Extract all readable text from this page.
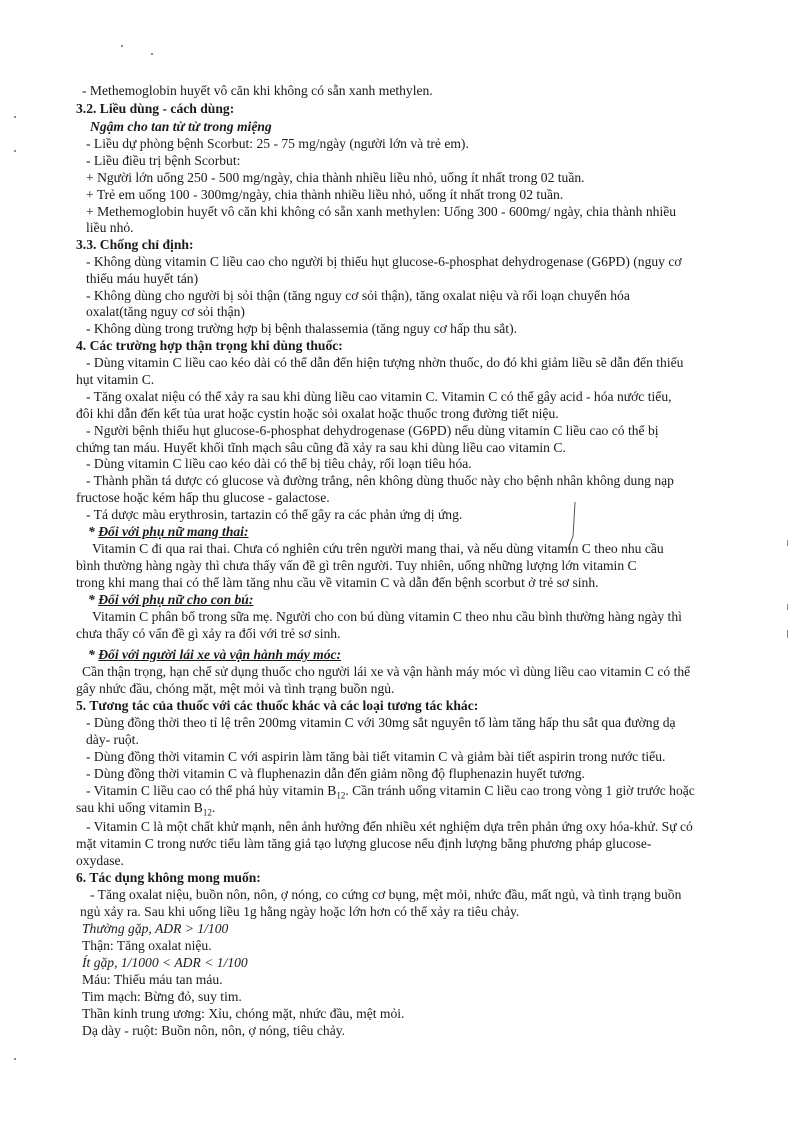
- Methemoglobin huyết vô căn khi không có sẵn xanh methylen.
3.2. Liều dùng - cách dùng:
Ngậm cho tan từ từ trong miệng
- Liều dự phòng bệnh Scorbut: 25 - 75 mg/ngày (người lớn và trẻ em).
- Liều điều trị bệnh Scorbut:
+ Người lớn uống 250 - 500 mg/ngày, chia thành nhiều liều nhỏ, uống ít nhất trong 02 tuần.
+ Trẻ em uống 100 - 300mg/ngày, chia thành nhiều liều nhỏ, uống ít nhất trong 02 tuần.
+ Methemoglobin huyết vô căn khi không có sẵn xanh methylen: Uống 300 - 600mg/ ngày, chia thành nhiều
liều nhỏ.
3.3. Chống chỉ định:
- Không dùng vitamin C liều cao cho người bị thiếu hụt glucose-6-phosphat dehydrogenase (G6PD) (nguy cơ
thiếu máu huyết tán)
- Không dùng cho người bị sỏi thận (tăng nguy cơ sỏi thận), tăng oxalat niệu và rối loạn chuyển hóa
oxalat(tăng nguy cơ sỏi thận)
- Không dùng trong trường hợp bị bệnh thalassemia (tăng nguy cơ hấp thu sắt).
4. Các trường hợp thận trọng khi dùng thuốc:
- Dùng vitamin C liều cao kéo dài có thể dẫn đến hiện tượng nhờn thuốc, do đó khi giảm liều sẽ dẫn đến thiếu
hụt vitamin C.
- Tăng oxalat niệu có thể xảy ra sau khi dùng liều cao vitamin C. Vitamin C có thể gây acid - hóa nước tiểu,
đôi khi dẫn đến kết tủa urat hoặc cystin hoặc sỏi oxalat hoặc thuốc trong đường tiết niệu.
- Người bệnh thiếu hụt glucose-6-phosphat dehydrogenase (G6PD) nếu dùng vitamin C liều cao có thể bị
chứng tan máu. Huyết khối tĩnh mạch sâu cũng đã xảy ra sau khi dùng liều cao vitamin C.
- Dùng vitamin C liều cao kéo dài có thể bị tiêu chảy, rối loạn tiêu hóa.
- Thành phần tá dược có glucose và đường trắng, nên không dùng thuốc này cho bệnh nhân không dung nạp
fructose hoặc kém hấp thu glucose - galactose.
- Tá dược màu erythrosin, tartazin có thể gây ra các phản ứng dị ứng.
* Đối với phụ nữ mang thai:
Vitamin C đi qua rai thai. Chưa có nghiên cứu trên người mang thai, và nếu dùng vitamin C theo nhu cầu
bình thường hàng ngày thì chưa thấy vấn đề gì trên người. Tuy nhiên, uống những lượng lớn vitamin C
trong khi mang thai có thể làm tăng nhu cầu về vitamin C và dẫn đến bệnh scorbut ở trẻ sơ sinh.
* Đối với phụ nữ cho con bú:
Vitamin C phân bố trong sữa mẹ. Người cho con bú dùng vitamin C theo nhu cầu bình thường hàng ngày thì
chưa thấy có vấn đề gì xảy ra đối với trẻ sơ sinh.
* Đối với người lái xe và vận hành máy móc:
Cần thận trọng, hạn chế sử dụng thuốc cho người lái xe và vận hành máy móc vì dùng liều cao vitamin C có thể
gây nhức đầu, chóng mặt, mệt mỏi và tình trạng buồn ngủ.
5. Tương tác của thuốc với các thuốc khác và các loại tương tác khác:
- Dùng đồng thời theo tỉ lệ trên 200mg vitamin C với 30mg sắt nguyên tố làm tăng hấp thu sắt qua đường dạ
dày- ruột.
- Dùng đồng thời vitamin C với aspirin làm tăng bài tiết vitamin C và giảm bài tiết aspirin trong nước tiểu.
- Dùng đồng thời vitamin C và fluphenazin dẫn đến giảm nồng độ fluphenazin huyết tương.
- Vitamin C liều cao có thể phá hủy vitamin $B_{12}$. Cần tránh uống vitamin C liều cao trong vòng 1 giờ trước hoặc
sau khi uống vitamin $B_{12}$.
- Vitamin C là một chất khử mạnh, nên ảnh hưởng đến nhiều xét nghiệm dựa trên phản ứng oxy hóa-khử. Sự có
mặt vitamin C trong nước tiểu làm tăng giả tạo lượng glucose nếu định lượng bằng phương pháp glucose-
oxydase.
6. Tác dụng không mong muốn:
- Tăng oxalat niệu, buồn nôn, nôn, ợ nóng, co cứng cơ bụng, mệt mỏi, nhức đầu, mất ngủ, và tình trạng buồn
ngủ xảy ra. Sau khi uống liều 1g hằng ngày hoặc lớn hơn có thể xảy ra tiêu chảy.
Thường gặp, ADR > 1/100
Thận: Tăng oxalat niệu.
Ít gặp, 1/1000 < ADR < 1/100
Máu: Thiếu máu tan máu.
Tim mạch: Bừng đỏ, suy tim.
Thần kinh trung ương: Xỉu, chóng mặt, nhức đầu, mệt mỏi.
Dạ dày - ruột: Buồn nôn, nôn, ợ nóng, tiêu chảy.
